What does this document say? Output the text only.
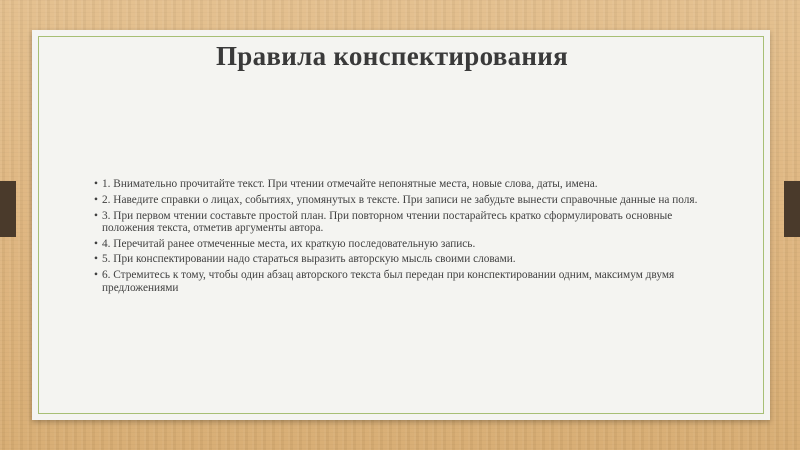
Правила конспектирования
• 1. Внимательно прочитайте текст. При чтении отмечайте непонятные места, новые слова, даты, имена.
• 2. Наведите справки о лицах, событиях, упомянутых в тексте. При записи не забудьте вынести справочные данные на поля.
• 3. При первом чтении составьте простой план. При повторном чтении постарайтесь кратко сформулировать основные положения текста, отметив аргументы автора.
• 4. Перечитай ранее отмеченные места, их краткую последовательную запись.
• 5. При конспектировании надо стараться выразить авторскую мысль своими словами.
• 6. Стремитесь к тому, чтобы один абзац авторского текста был передан при конспектировании одним, максимум двумя предложениями
